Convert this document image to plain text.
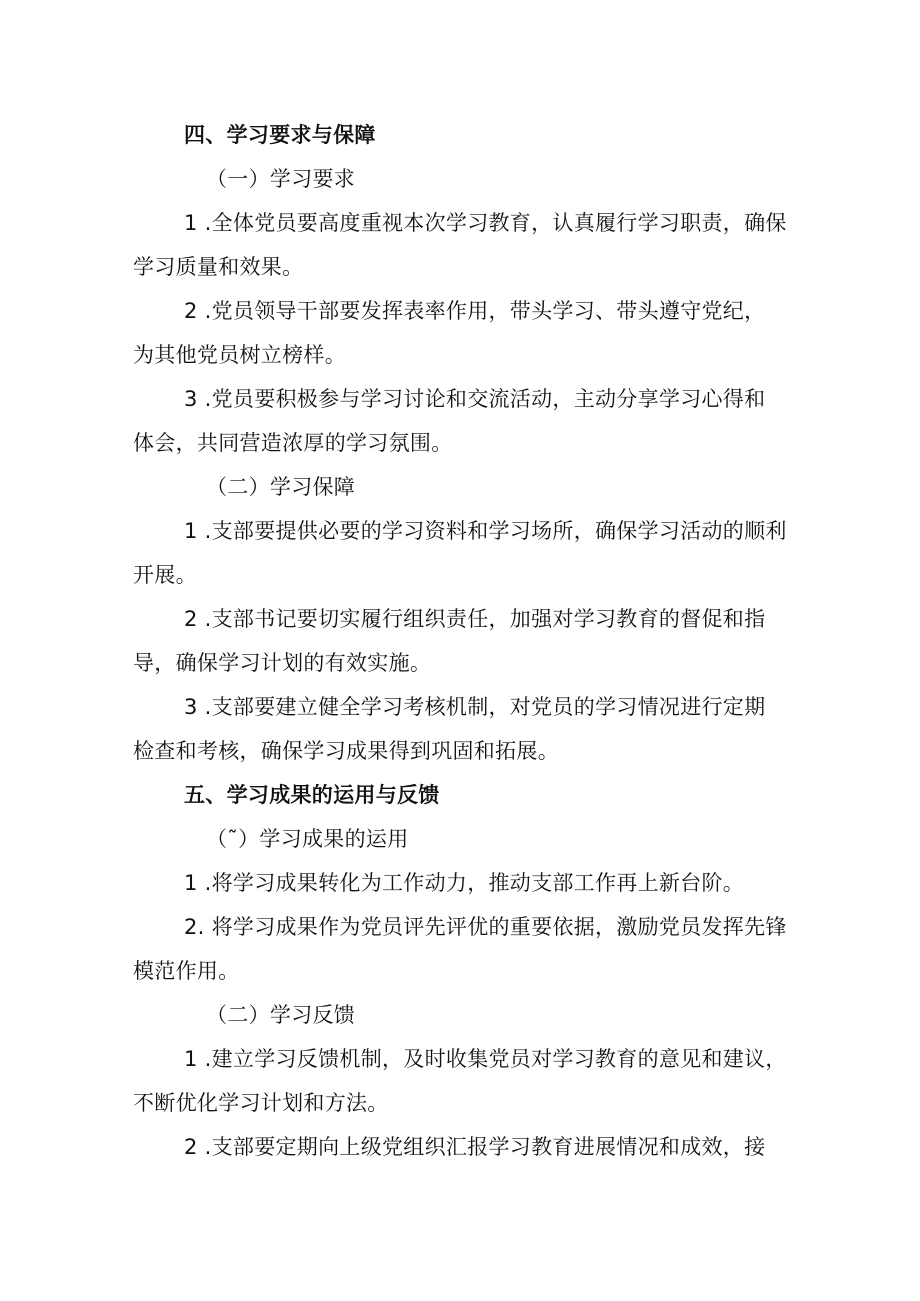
四、学习要求与保障
（一）学习要求
1 .全体党员要高度重视本次学习教育，认真履行学习职责，确保
学习质量和效果。
2 .党员领导干部要发挥表率作用，带头学习、带头遵守党纪，
为其他党员树立榜样。
3 .党员要积极参与学习讨论和交流活动，主动分享学习心得和
体会，共同营造浓厚的学习氛围。
（二）学习保障
1 .支部要提供必要的学习资料和学习场所，确保学习活动的顺利
开展。
2 .支部书记要切实履行组织责任，加强对学习教育的督促和指
导，确保学习计划的有效实施。
3 .支部要建立健全学习考核机制，对党员的学习情况进行定期
检查和考核，确保学习成果得到巩固和拓展。
五、学习成果的运用与反馈
（˜）学习成果的运用
1 .将学习成果转化为工作动力，推动支部工作再上新台阶。
2. 将学习成果作为党员评先评优的重要依据，激励党员发挥先锋
模范作用。
（二）学习反馈
1 .建立学习反馈机制，及时收集党员对学习教育的意见和建议，
不断优化学习计划和方法。
2 .支部要定期向上级党组织汇报学习教育进展情况和成效，接
